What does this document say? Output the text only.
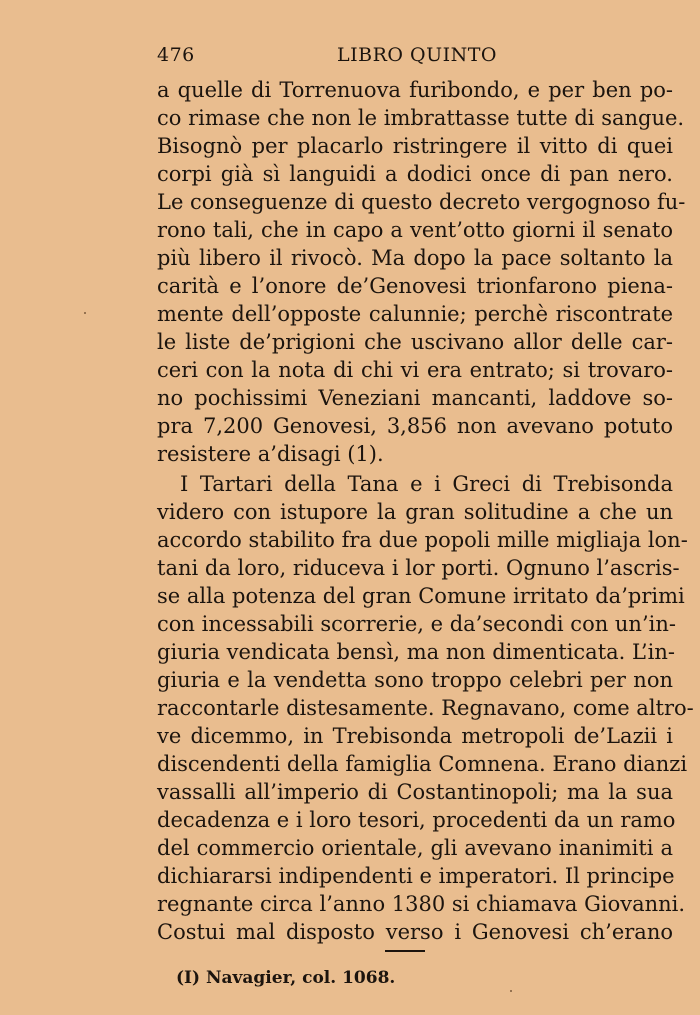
476	LIBRO QUINTO
a quelle di Torrenuova furibondo, e per ben po-
co rimase che non le imbrattasse tutte di sangue.
Bisognò per placarlo ristringere il vitto di quei
corpi già sì languidi a dodici once di pan nero.
Le conseguenze di questo decreto vergognoso fu-
rono tali, che in capo a vent’otto giorni il senato
più libero il rivocò. Ma dopo la pace soltanto la
carità e l’onore de’Genovesi trionfarono piena-
mente dell’opposte calunnie; perchè riscontrate
le liste de’prigioni che uscivano allor delle car-
ceri con la nota di chi vi era entrato; si trovaro-
no pochissimi Veneziani mancanti, laddove so-
pra 7,200 Genovesi, 3,856 non avevano potuto
resistere a’disagi (1).
I Tartari della Tana e i Greci di Trebisonda
videro con istupore la gran solitudine a che un
accordo stabilito fra due popoli mille migliaja lon-
tani da loro, riduceva i lor porti. Ognuno l’ascris-
se alla potenza del gran Comune irritato da’primi
con incessabili scorrerie, e da’secondi con un’in-
giuria vendicata bensì, ma non dimenticata. L’in-
giuria e la vendetta sono troppo celebri per non
raccontarle distesamente. Regnavano, come altro-
ve dicemmo, in Trebisonda metropoli de’Lazii i
discendenti della famiglia Comnena. Erano dianzi
vassalli all’imperio di Costantinopoli; ma la sua
decadenza e i loro tesori, procedenti da un ramo
del commercio orientale, gli avevano inanimiti a
dichiararsi indipendenti e imperatori. Il principe
regnante circa l’anno 1380 si chiamava Giovanni.
Costui mal disposto verso i Genovesi ch’erano
(I) Navagier, col. 1068.
